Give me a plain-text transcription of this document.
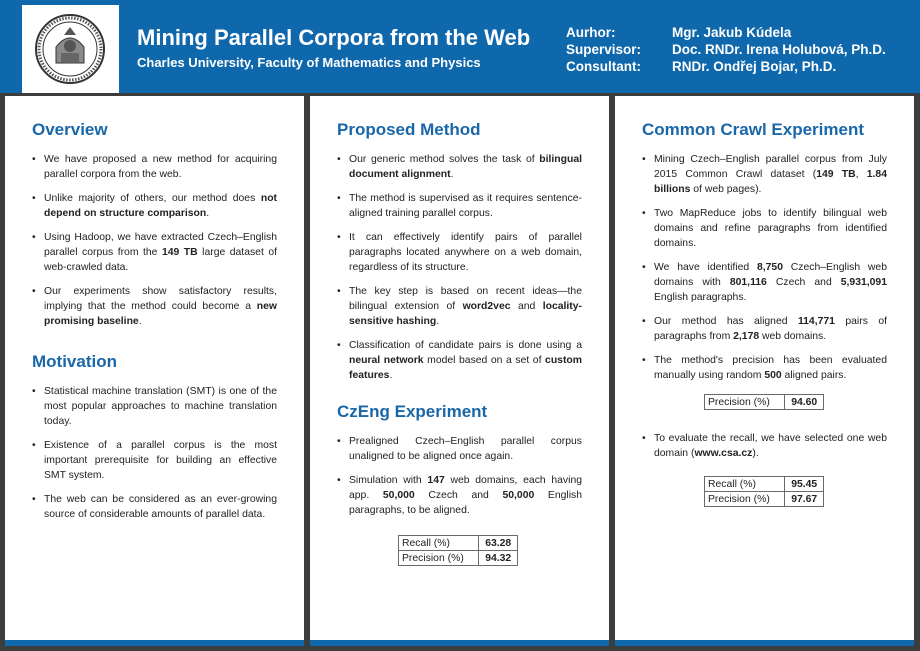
Mining Parallel Corpora from the Web
Charles University, Faculty of Mathematics and Physics
Aurhor:	Mgr. Jakub Kúdela
Supervisor: Doc. RNDr. Irena Holubová, Ph.D.
Consultant: RNDr. Ondřej Bojar, Ph.D.
Overview
• We have proposed a new method for acquiring parallel corpora from the web.
• Unlike majority of others, our method does not depend on structure comparison.
• Using Hadoop, we have extracted Czech–English parallel corpus from the 149 TB large dataset of web-crawled data.
• Our experiments show satisfactory results, implying that the method could become a new promising baseline.
Motivation
• Statistical machine translation (SMT) is one of the most popular approaches to machine translation today.
• Existence of a parallel corpus is the most important prerequisite for building an effective SMT system.
• The web can be considered as an ever-growing source of considerable amounts of parallel data.
Proposed Method
• Our generic method solves the task of bilingual document alignment.
• The method is supervised as it requires sentence-aligned training parallel corpus.
• It can effectively identify pairs of parallel paragraphs located anywhere on a web domain, regardless of its structure.
• The key step is based on recent ideas—the bilingual extension of word2vec and locality-sensitive hashing.
• Classification of candidate pairs is done using a neural network model based on a set of custom features.
CzEng Experiment
• Prealigned Czech–English parallel corpus unaligned to be aligned once again.
• Simulation with 147 web domains, each having app. 50,000 Czech and 50,000 English paragraphs, to be aligned.
Recall (%)	63.28
Precision (%)	94.32
Common Crawl Experiment
• Mining Czech–English parallel corpus from July 2015 Common Crawl dataset (149 TB, 1.84 billions of web pages).
• Two MapReduce jobs to identify bilingual web domains and refine paragraphs from identified domains.
• We have identified 8,750 Czech–English web domains with 801,116 Czech and 5,931,091 English paragraphs.
• Our method has aligned 114,771 pairs of paragraphs from 2,178 web domains.
• The method's precision has been evaluated manually using random 500 aligned pairs.
Precision (%)	94.60
• To evaluate the recall, we have selected one web domain (www.csa.cz).
Recall (%)	95.45
Precision (%)	97.67
